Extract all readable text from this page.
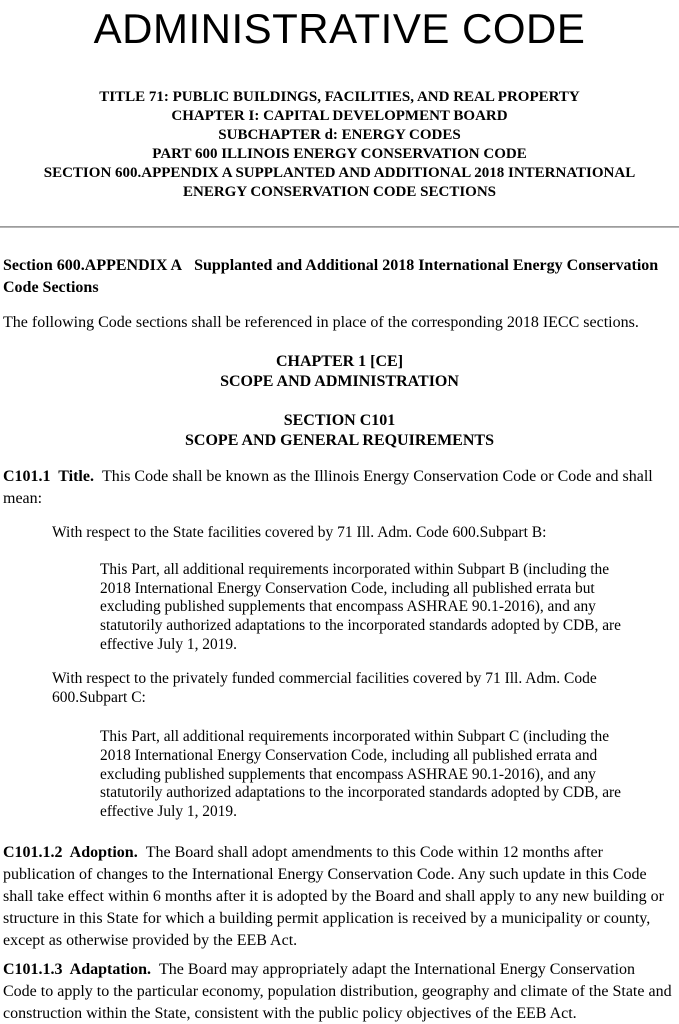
ADMINISTRATIVE CODE
TITLE 71: PUBLIC BUILDINGS, FACILITIES, AND REAL PROPERTY
CHAPTER I: CAPITAL DEVELOPMENT BOARD
SUBCHAPTER d: ENERGY CODES
PART 600 ILLINOIS ENERGY CONSERVATION CODE
SECTION 600.APPENDIX A SUPPLANTED AND ADDITIONAL 2018 INTERNATIONAL
ENERGY CONSERVATION CODE SECTIONS

Section 600.APPENDIX A Supplanted and Additional 2018 International Energy Conservation Code Sections

The following Code sections shall be referenced in place of the corresponding 2018 IECC sections.

CHAPTER 1 [CE]
SCOPE AND ADMINISTRATION
SECTION C101
SCOPE AND GENERAL REQUIREMENTS

C101.1  Title. This Code shall be known as the Illinois Energy Conservation Code or Code and shall mean:

With respect to the State facilities covered by 71 Ill. Adm. Code 600.Subpart B:

This Part, all additional requirements incorporated within Subpart B (including the 2018 International Energy Conservation Code, including all published errata but excluding published supplements that encompass ASHRAE 90.1-2016), and any statutorily authorized adaptations to the incorporated standards adopted by CDB, are effective July 1, 2019.

With respect to the privately funded commercial facilities covered by 71 Ill. Adm. Code 600.Subpart C:

This Part, all additional requirements incorporated within Subpart C (including the 2018 International Energy Conservation Code, including all published errata and excluding published supplements that encompass ASHRAE 90.1-2016), and any statutorily authorized adaptations to the incorporated standards adopted by CDB, are effective July 1, 2019.

C101.1.2  Adoption. The Board shall adopt amendments to this Code within 12 months after publication of changes to the International Energy Conservation Code. Any such update in this Code shall take effect within 6 months after it is adopted by the Board and shall apply to any new building or structure in this State for which a building permit application is received by a municipality or county, except as otherwise provided by the EEB Act.

C101.1.3  Adaptation. The Board may appropriately adapt the International Energy Conservation Code to apply to the particular economy, population distribution, geography and climate of the State and construction within the State, consistent with the public policy objectives of the EEB Act.
